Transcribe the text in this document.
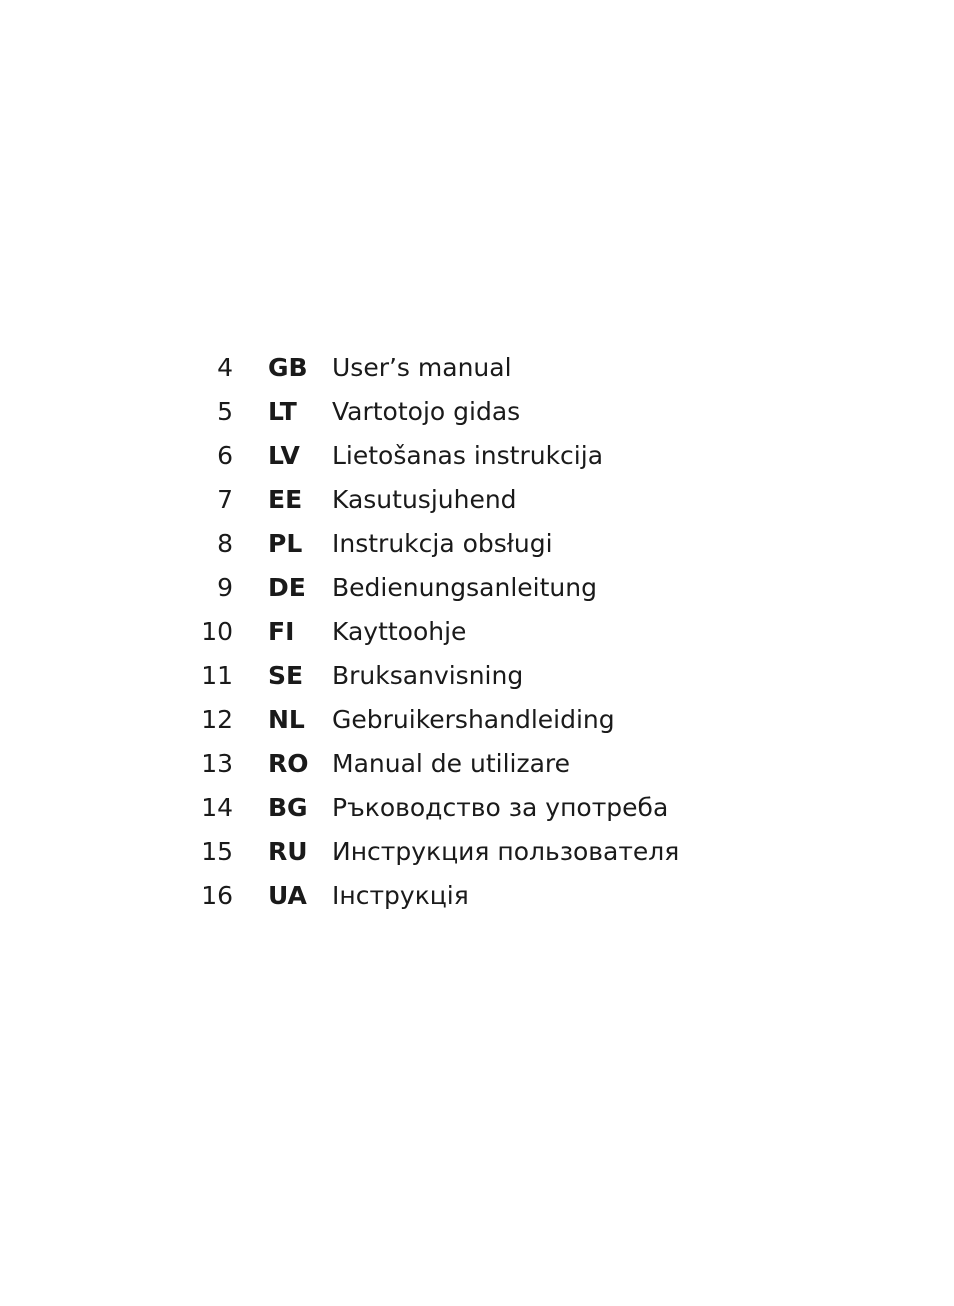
4 GB User’s manual
5 LT	Vartotojo gidas
6 LV	Lietošanas instrukcija
7 EE	Kasutusjuhend
8 PL	Instrukcja obsługi
9 DE	Bedienungsanleitung
10 FI	Kayttoohje
11 SE	Bruksanvisning
12 NL	Gebruikershandleiding
13 RO Manual de utilizare
14 BG Ръководство за употреба
15 RU Инструкция пользователя
16 UA	Інструкція
